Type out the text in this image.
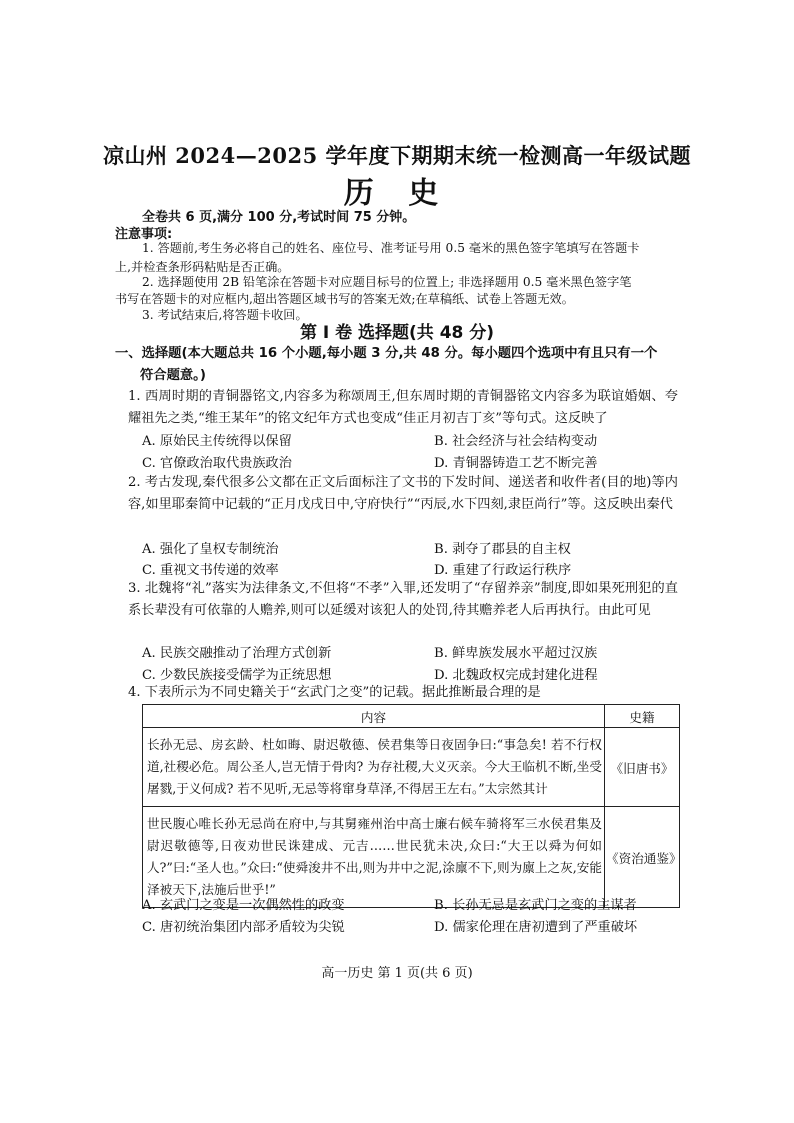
凉山州 2024—2025 学年度下期期末统一检测高一年级试题
历 史
全卷共 6 页,满分 100 分,考试时间 75 分钟。
注意事项:
1. 答题前,考生务必将自己的姓名、座位号、准考证号用 0.5 毫米的黑色签字笔填写在答题卡
上,并检查条形码粘贴是否正确。
2. 选择题使用 2B 铅笔涂在答题卡对应题目标号的位置上; 非选择题用 0.5 毫米黑色签字笔
书写在答题卡的对应框内,超出答题区域书写的答案无效;在草稿纸、试卷上答题无效。
3. 考试结束后,将答题卡收回。
第 Ⅰ 卷 选择题(共 48 分)
一、选择题(本大题总共 16 个小题,每小题 3 分,共 48 分。每小题四个选项中有且只有一个
符合题意。)
1. 西周时期的青铜器铭文,内容多为称颂周王,但东周时期的青铜器铭文内容多为联谊婚姻、夸耀祖先之类,“维王某年”的铭文纪年方式也变成“佳正月初吉丁亥”等句式。这反映了
A. 原始民主传统得以保留	B. 社会经济与社会结构变动
C. 官僚政治取代贵族政治	D. 青铜器铸造工艺不断完善
2. 考古发现,秦代很多公文都在正文后面标注了文书的下发时间、递送者和收件者(目的地)等内容,如里耶秦简中记载的“正月戊戌日中,守府快行”“丙辰,水下四刻,隶臣尚行”等。这反映出秦代
A. 强化了皇权专制统治	B. 剥夺了郡县的自主权
C. 重视文书传递的效率	D. 重建了行政运行秩序
3. 北魏将“礼”落实为法律条文,不但将“不孝”入罪,还发明了“存留养亲”制度,即如果死刑犯的直系长辈没有可依靠的人赡养,则可以延缓对该犯人的处罚,待其赡养老人后再执行。由此可见
A. 民族交融推动了治理方式创新	B. 鲜卑族发展水平超过汉族
C. 少数民族接受儒学为正统思想	D. 北魏政权完成封建化进程
4. 下表所示为不同史籍关于“玄武门之变”的记载。据此推断最合理的是
内容	史籍
长孙无忌、房玄龄、杜如晦、尉迟敬德、侯君集等日夜固争曰:“事急矣! 若不行权道,社稷必危。周公圣人,岂无情于骨肉? 为存社稷,大义灭亲。今大王临机不断,坐受屠戮,于义何成? 若不见听,无忌等将窜身草泽,不得居王左右。”太宗然其计	《旧唐书》
世民腹心唯长孙无忌尚在府中,与其舅雍州治中高士廉右候车骑将军三水侯君集及尉迟敬德等,日夜劝世民诛建成、元吉……世民犹未决,众曰:“大王以舜为何如人?”曰:“圣人也。”众曰:“使舜浚井不出,则为井中之泥,涂廪不下,则为廪上之灰,安能泽被天下,法施后世乎!”	《资治通鉴》
A. 玄武门之变是一次偶然性的政变	B. 长孙无忌是玄武门之变的主谋者
C. 唐初统治集团内部矛盾较为尖锐	D. 儒家伦理在唐初遭到了严重破坏
高一历史 第 1 页(共 6 页)
